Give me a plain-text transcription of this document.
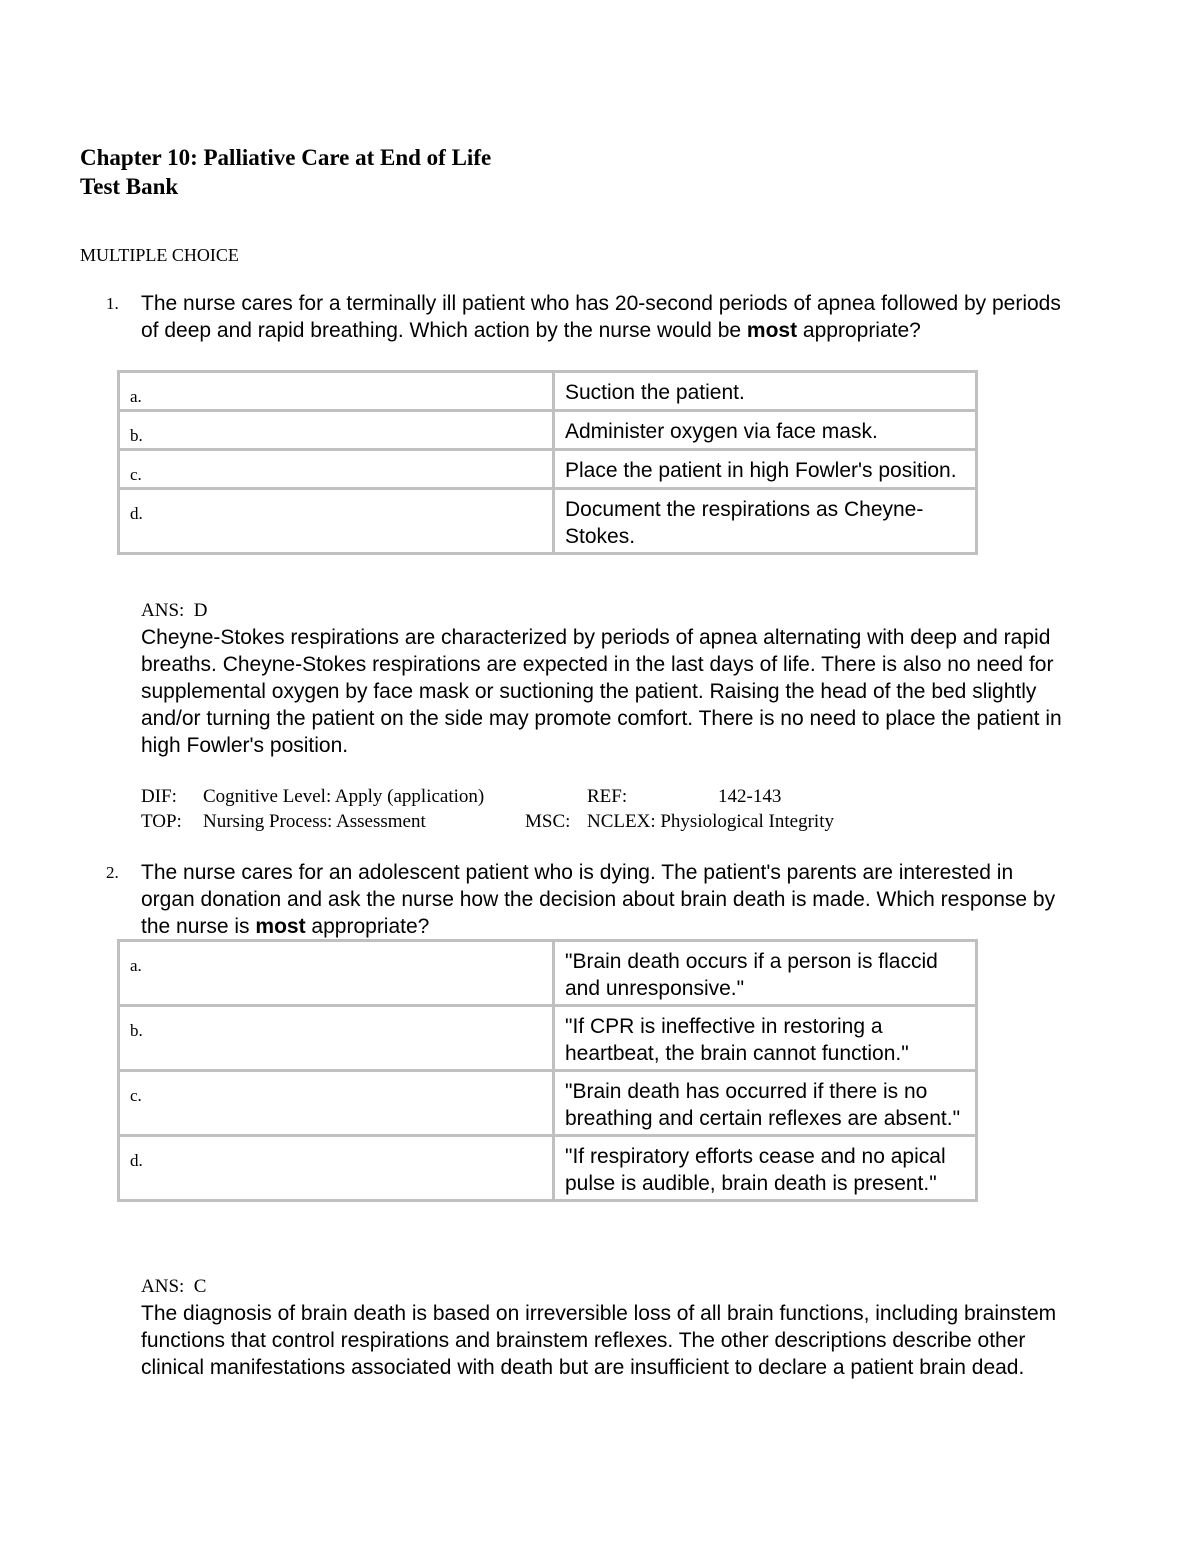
Chapter 10: Palliative Care at End of Life
Test Bank
MULTIPLE CHOICE
1. The nurse cares for a terminally ill patient who has 20-second periods of apnea followed by periods of deep and rapid breathing. Which action by the nurse would be most appropriate?
a.	Suction the patient.
b.	Administer oxygen via face mask.
c.	Place the patient in high Fowler's position.
d.	Document the respirations as Cheyne-Stokes.
ANS:  D
Cheyne-Stokes respirations are characterized by periods of apnea alternating with deep and rapid breaths. Cheyne-Stokes respirations are expected in the last days of life. There is also no need for supplemental oxygen by face mask or suctioning the patient. Raising the head of the bed slightly and/or turning the patient on the side may promote comfort. There is no need to place the patient in high Fowler's position.
DIF: Cognitive Level: Apply (application)	REF:	142-143
TOP: Nursing Process: Assessment	MSC: NCLEX: Physiological Integrity
2. The nurse cares for an adolescent patient who is dying. The patient's parents are interested in organ donation and ask the nurse how the decision about brain death is made. Which response by the nurse is most appropriate?
a.	"Brain death occurs if a person is flaccid and unresponsive."
b.	"If CPR is ineffective in restoring a heartbeat, the brain cannot function."
c.	"Brain death has occurred if there is no breathing and certain reflexes are absent."
d.	"If respiratory efforts cease and no apical pulse is audible, brain death is present."
ANS:  C
The diagnosis of brain death is based on irreversible loss of all brain functions, including brainstem functions that control respirations and brainstem reflexes. The other descriptions describe other clinical manifestations associated with death but are insufficient to declare a patient brain dead.
